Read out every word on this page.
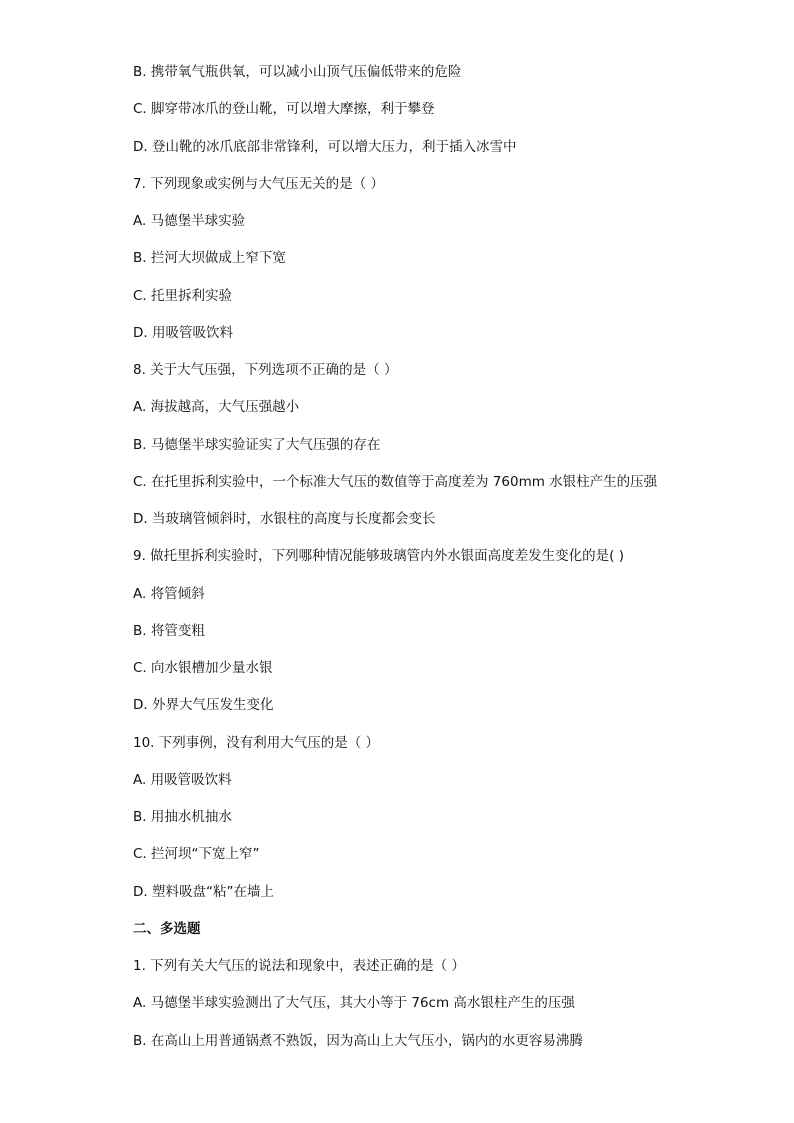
B. 携带氧气瓶供氧，可以减小山顶气压偏低带来的危险
C. 脚穿带冰爪的登山靴，可以增大摩擦，利于攀登
D. 登山靴的冰爪底部非常锋利，可以增大压力，利于插入冰雪中
7. 下列现象或实例与大气压无关的是（ ）
A. 马德堡半球实验
B. 拦河大坝做成上窄下宽
C. 托里拆利实验
D. 用吸管吸饮料
8. 关于大气压强，下列选项不正确的是（ ）
A. 海拔越高，大气压强越小
B. 马德堡半球实验证实了大气压强的存在
C. 在托里拆利实验中，一个标准大气压的数值等于高度差为 760mm 水银柱产生的压强
D. 当玻璃管倾斜时，水银柱的高度与长度都会变长
9. 做托里拆利实验时，下列哪种情况能够玻璃管内外水银面高度差发生变化的是( )
A. 将管倾斜
B. 将管变粗
C. 向水银槽加少量水银
D. 外界大气压发生变化
10. 下列事例，没有利用大气压的是（ ）
A. 用吸管吸饮料
B. 用抽水机抽水
C. 拦河坝“下宽上窄”
D. 塑料吸盘“粘”在墙上
二、多选题
1. 下列有关大气压的说法和现象中，表述正确的是（ ）
A. 马德堡半球实验测出了大气压，其大小等于 76cm 高水银柱产生的压强
B. 在高山上用普通锅煮不熟饭，因为高山上大气压小，锅内的水更容易沸腾
